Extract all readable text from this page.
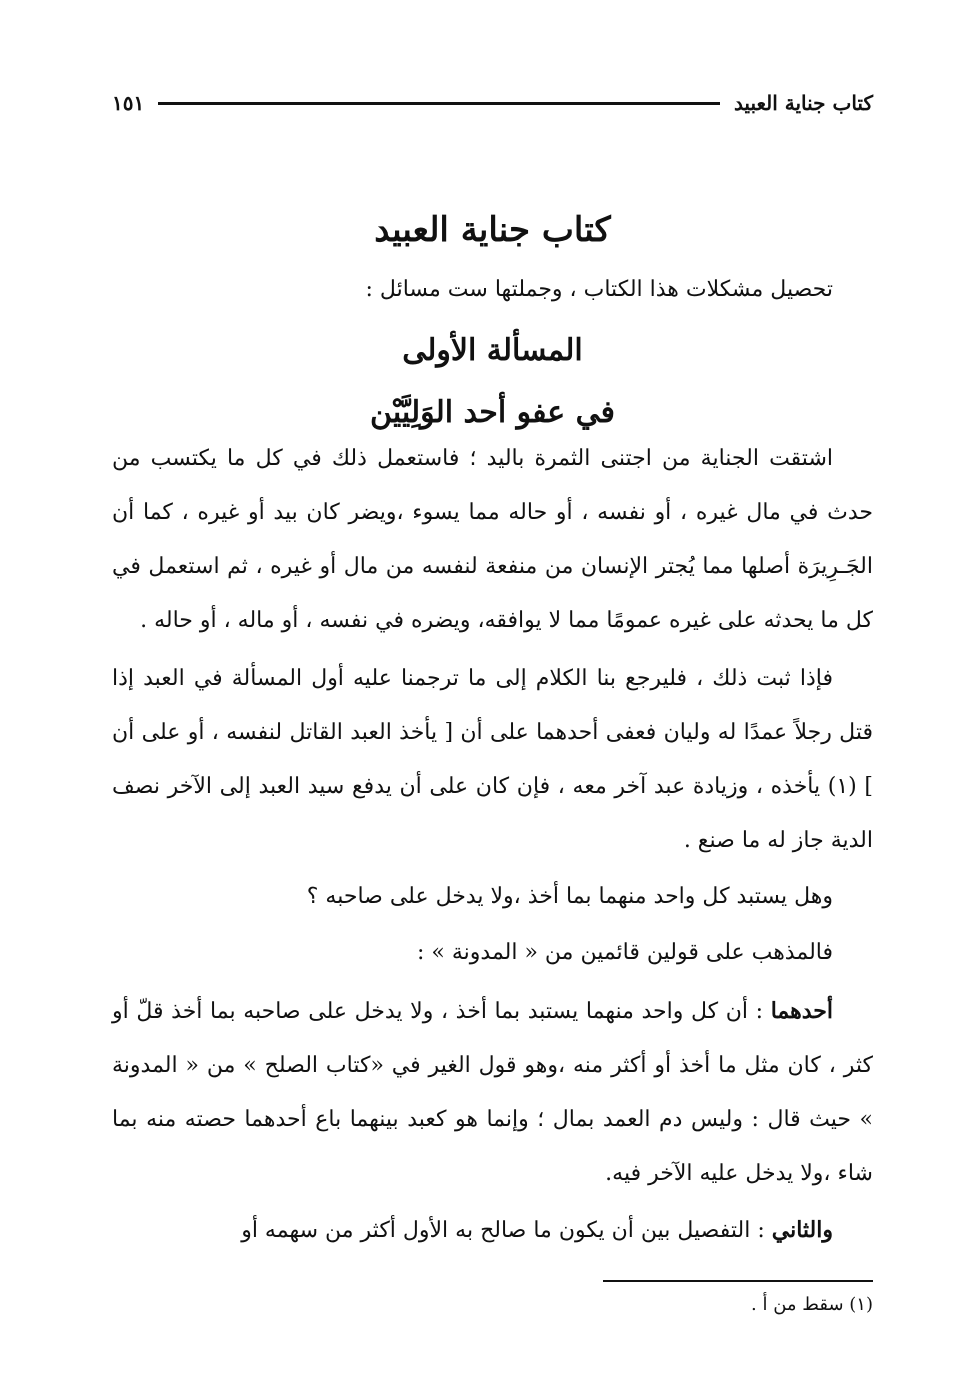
كتاب جناية العبيد
١٥١
كتاب جناية العبيد

تحصيل مشكلات هذا الكتاب ، وجملتها ست مسائل :

المسألة الأولى
في عفو أحد الوَلِيَّيْن

اشتقت الجناية من اجتنى الثمرة باليد ؛ فاستعمل ذلك في كل ما يكتسب من حدث في مال غيره ، أو نفسه ، أو حاله مما يسوء ،ويضر كان بيد أو غيره ، كما أن الجَـرِيرَة أصلها مما يُجتر الإنسان من منفعة لنفسه من مال أو غيره ، ثم استعمل في كل ما يحدثه على غيره عمومًا مما لا يوافقه، ويضره في نفسه ، أو ماله ، أو حاله .

فإذا ثبت ذلك ، فليرجع بنا الكلام إلى ما ترجمنا عليه أول المسألة في العبد إذا قتل رجلاً عمدًا له وليان فعفى أحدهما على أن [ يأخذ العبد القاتل لنفسه ، أو على أن ] (١) يأخذه ، وزيادة عبد آخر معه ، فإن كان على أن يدفع سيد العبد إلى الآخر نصف الدية جاز له ما صنع .

وهل يستبد كل واحد منهما بما أخذ ،ولا يدخل على صاحبه ؟

فالمذهب على قولين قائمين من « المدونة » :

أحدهما : أن كل واحد منهما يستبد بما أخذ ، ولا يدخل على صاحبه بما أخذ قلّ أو كثر ، كان مثل ما أخذ أو أكثر منه ،وهو قول الغير في «كتاب الصلح » من « المدونة » حيث قال : وليس دم العمد بمال ؛ وإنما هو كعبد بينهما باع أحدهما حصته منه بما شاء ،ولا يدخل عليه الآخر فيه.

والثاني : التفصيل بين أن يكون ما صالح به الأول أكثر من سهمه أو

(١) سقط من أ .
